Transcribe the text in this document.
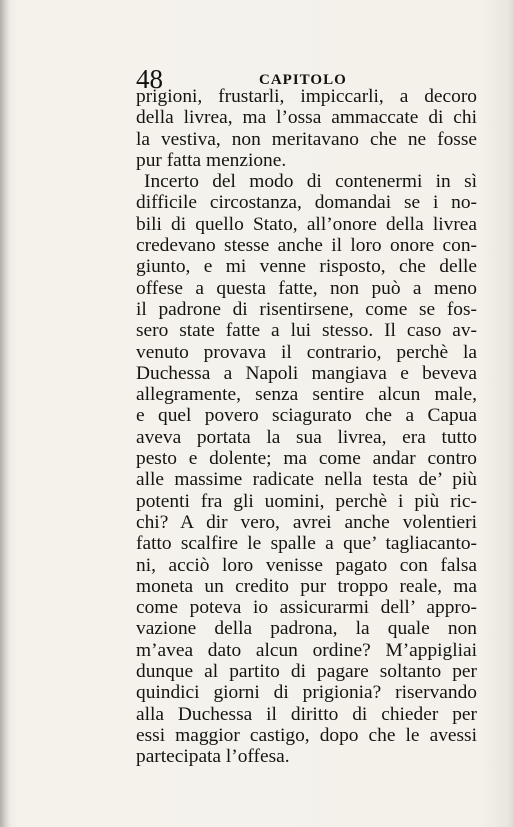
48	CAPITOLO
prigioni, frustarli, impiccarli, a decoro
della livrea, ma l’ossa ammaccate di chi
la vestiva, non meritavano che ne fosse
pur fatta menzione.
Incerto del modo di contenermi in sì
difficile circostanza, domandai se i no-
bili di quello Stato, all’onore della livrea
credevano stesse anche il loro onore con-
giunto, e mi venne risposto, che delle
offese a questa fatte, non può a meno
il padrone di risentirsene, come se fos-
sero state fatte a lui stesso. Il caso av-
venuto provava il contrario, perchè la
Duchessa a Napoli mangiava e beveva
allegramente, senza sentire alcun male,
e quel povero sciagurato che a Capua
aveva portata la sua livrea, era tutto
pesto e dolente; ma come andar contro
alle massime radicate nella testa de’ più
potenti fra gli uomini, perchè i più ric-
chi? A dir vero, avrei anche volentieri
fatto scalfire le spalle a que’ tagliacanto-
ni, acciò loro venisse pagato con falsa
moneta un credito pur troppo reale, ma
come poteva io assicurarmi dell’ appro-
vazione della padrona, la quale non
m’avea dato alcun ordine? M’appigliai
dunque al partito di pagare soltanto per
quindici giorni di prigionia? riservando
alla Duchessa il diritto di chieder per
essi maggior castigo, dopo che le avessi
partecipata l’offesa.
